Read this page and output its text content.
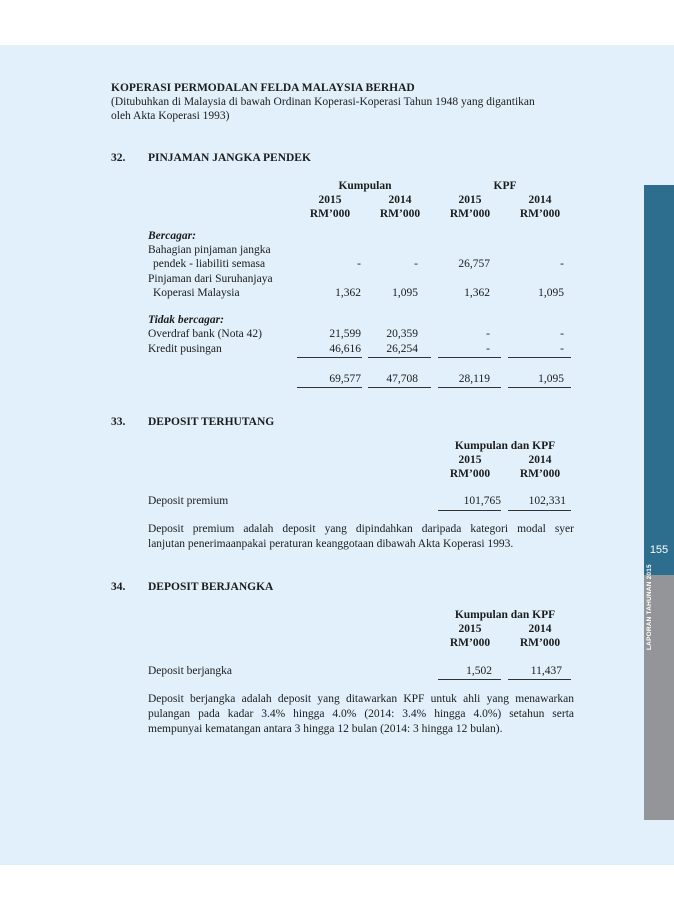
155
LAPORAN TAHUNAN 2015
KOPERASI PERMODALAN FELDA MALAYSIA BERHAD
(Ditubuhkan di Malaysia di bawah Ordinan Koperasi-Koperasi Tahun 1948 yang digantikan
oleh Akta Koperasi 1993)
32. PINJAMAN JANGKA PENDEK
Kumpulan	KPF
2015	2014	2015	2014
RM’000	RM’000	RM’000	RM’000
Bercagar:
Bahagian pinjaman jangka
pendek - liabiliti semasa	-	-	26,757	-
Pinjaman dari Suruhanjaya
Koperasi Malaysia	1,362	1,095	1,362	1,095
Tidak bercagar:
Overdraf bank (Nota 42)	21,599	20,359	-	-
Kredit pusingan	46,616	26,254	-	-
69,577	47,708	28,119	1,095
33. DEPOSIT TERHUTANG
Kumpulan dan KPF
2015	2014
RM’000	RM’000
Deposit premium	101,765	102,331
Deposit premium adalah deposit yang dipindahkan daripada kategori modal syer
lanjutan penerimaanpakai peraturan keanggotaan dibawah Akta Koperasi 1993.
34. DEPOSIT BERJANGKA
Kumpulan dan KPF
2015	2014
RM’000	RM’000
Deposit berjangka	1,502	11,437
Deposit berjangka adalah deposit yang ditawarkan KPF untuk ahli yang menawarkan
pulangan pada kadar 3.4% hingga 4.0% (2014: 3.4% hingga 4.0%) setahun serta
mempunyai kematangan antara 3 hingga 12 bulan (2014: 3 hingga 12 bulan).
